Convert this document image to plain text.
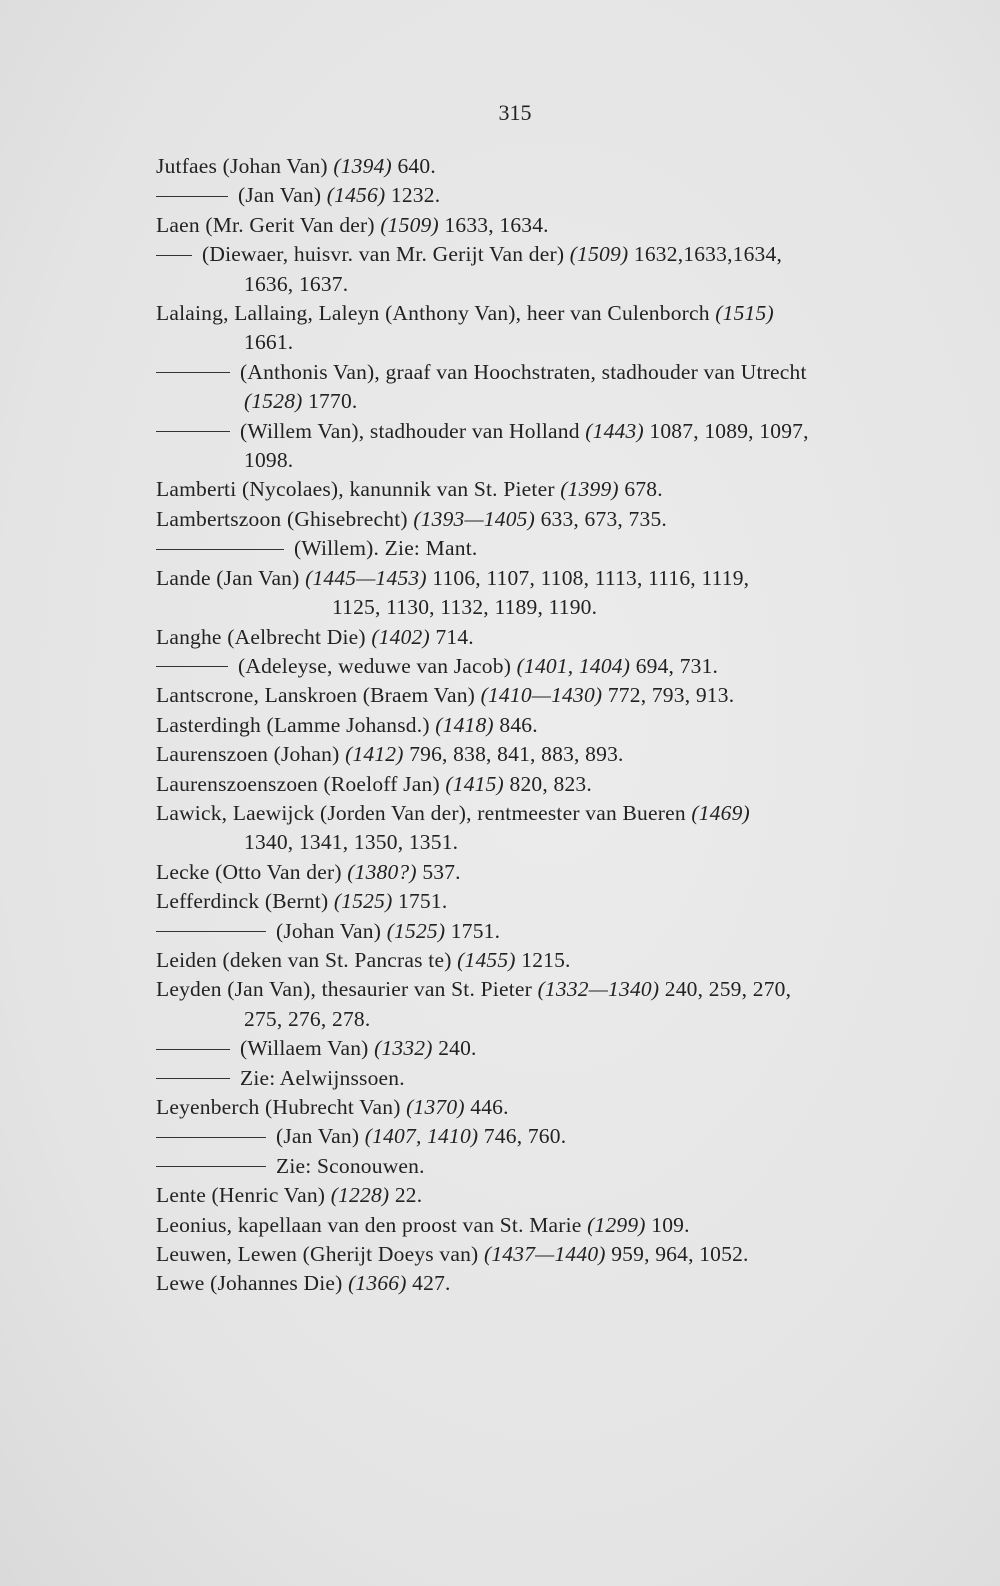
315
Jutfaes (Johan Van) (1394) 640.
(Jan Van) (1456) 1232.
Laen (Mr. Gerit Van der) (1509) 1633, 1634.
(Diewaer, huisvr. van Mr. Gerijt Van der) (1509) 1632,1633,1634,
1636, 1637.
Lalaing, Lallaing, Laleyn (Anthony Van), heer van Culenborch (1515)
1661.
(Anthonis Van), graaf van Hoochstraten, stadhouder van Utrecht
(1528) 1770.
(Willem Van), stadhouder van Holland (1443) 1087, 1089, 1097,
1098.
Lamberti (Nycolaes), kanunnik van St. Pieter (1399) 678.
Lambertszoon (Ghisebrecht) (1393—1405) 633, 673, 735.
(Willem). Zie: Mant.
Lande (Jan Van) (1445—1453) 1106, 1107, 1108, 1113, 1116, 1119,
1125, 1130, 1132, 1189, 1190.
Langhe (Aelbrecht Die) (1402) 714.
(Adeleyse, weduwe van Jacob) (1401, 1404) 694, 731.
Lantscrone, Lanskroen (Braem Van) (1410—1430) 772, 793, 913.
Lasterdingh (Lamme Johansd.) (1418) 846.
Laurenszoen (Johan) (1412) 796, 838, 841, 883, 893.
Laurenszoenszoen (Roeloff Jan) (1415) 820, 823.
Lawick, Laewijck (Jorden Van der), rentmeester van Bueren (1469)
1340, 1341, 1350, 1351.
Lecke (Otto Van der) (1380?) 537.
Lefferdinck (Bernt) (1525) 1751.
(Johan Van) (1525) 1751.
Leiden (deken van St. Pancras te) (1455) 1215.
Leyden (Jan Van), thesaurier van St. Pieter (1332—1340) 240, 259, 270,
275, 276, 278.
(Willaem Van) (1332) 240.
Zie: Aelwijnssoen.
Leyenberch (Hubrecht Van) (1370) 446.
(Jan Van) (1407, 1410) 746, 760.
Zie: Sconouwen.
Lente (Henric Van) (1228) 22.
Leonius, kapellaan van den proost van St. Marie (1299) 109.
Leuwen, Lewen (Gherijt Doeys van) (1437—1440) 959, 964, 1052.
Lewe (Johannes Die) (1366) 427.
